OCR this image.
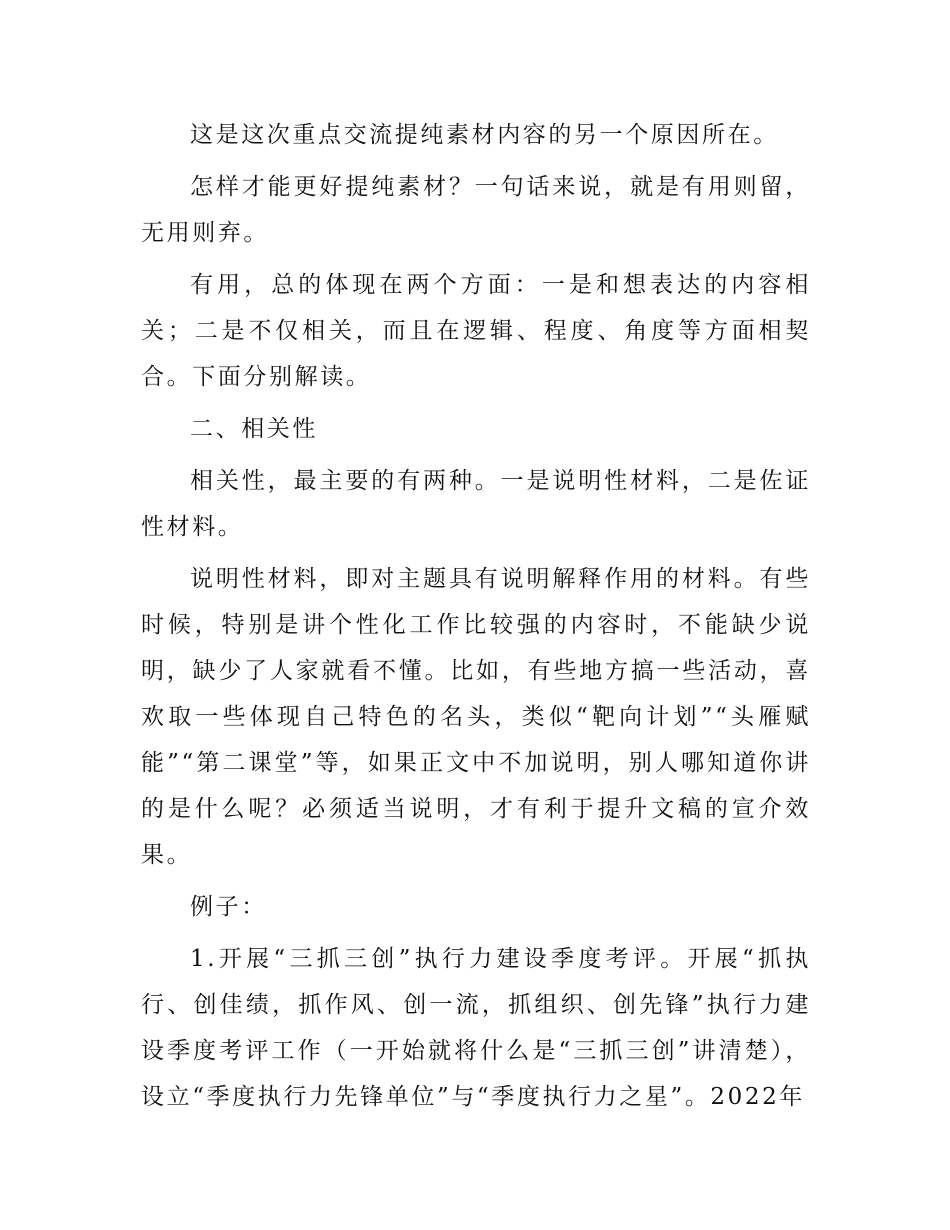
这是这次重点交流提纯素材内容的另一个原因所在。

怎样才能更好提纯素材？一句话来说，就是有用则留，无用则弃。

有用，总的体现在两个方面：一是和想表达的内容相关；二是不仅相关，而且在逻辑、程度、角度等方面相契合。下面分别解读。

二、相关性

相关性，最主要的有两种。一是说明性材料，二是佐证性材料。

说明性材料，即对主题具有说明解释作用的材料。有些时候，特别是讲个性化工作比较强的内容时，不能缺少说明，缺少了人家就看不懂。比如，有些地方搞一些活动，喜欢取一些体现自己特色的名头，类似“靶向计划”“头雁赋能”“第二课堂”等，如果正文中不加说明，别人哪知道你讲的是什么呢？必须适当说明，才有利于提升文稿的宣介效果。

例子：

1.开展“三抓三创”执行力建设季度考评。开展“抓执行、创佳绩，抓作风、创一流，抓组织、创先锋”执行力建设季度考评工作（一开始就将什么是“三抓三创”讲清楚），设立“季度执行力先锋单位”与“季度执行力之星”。2022年
